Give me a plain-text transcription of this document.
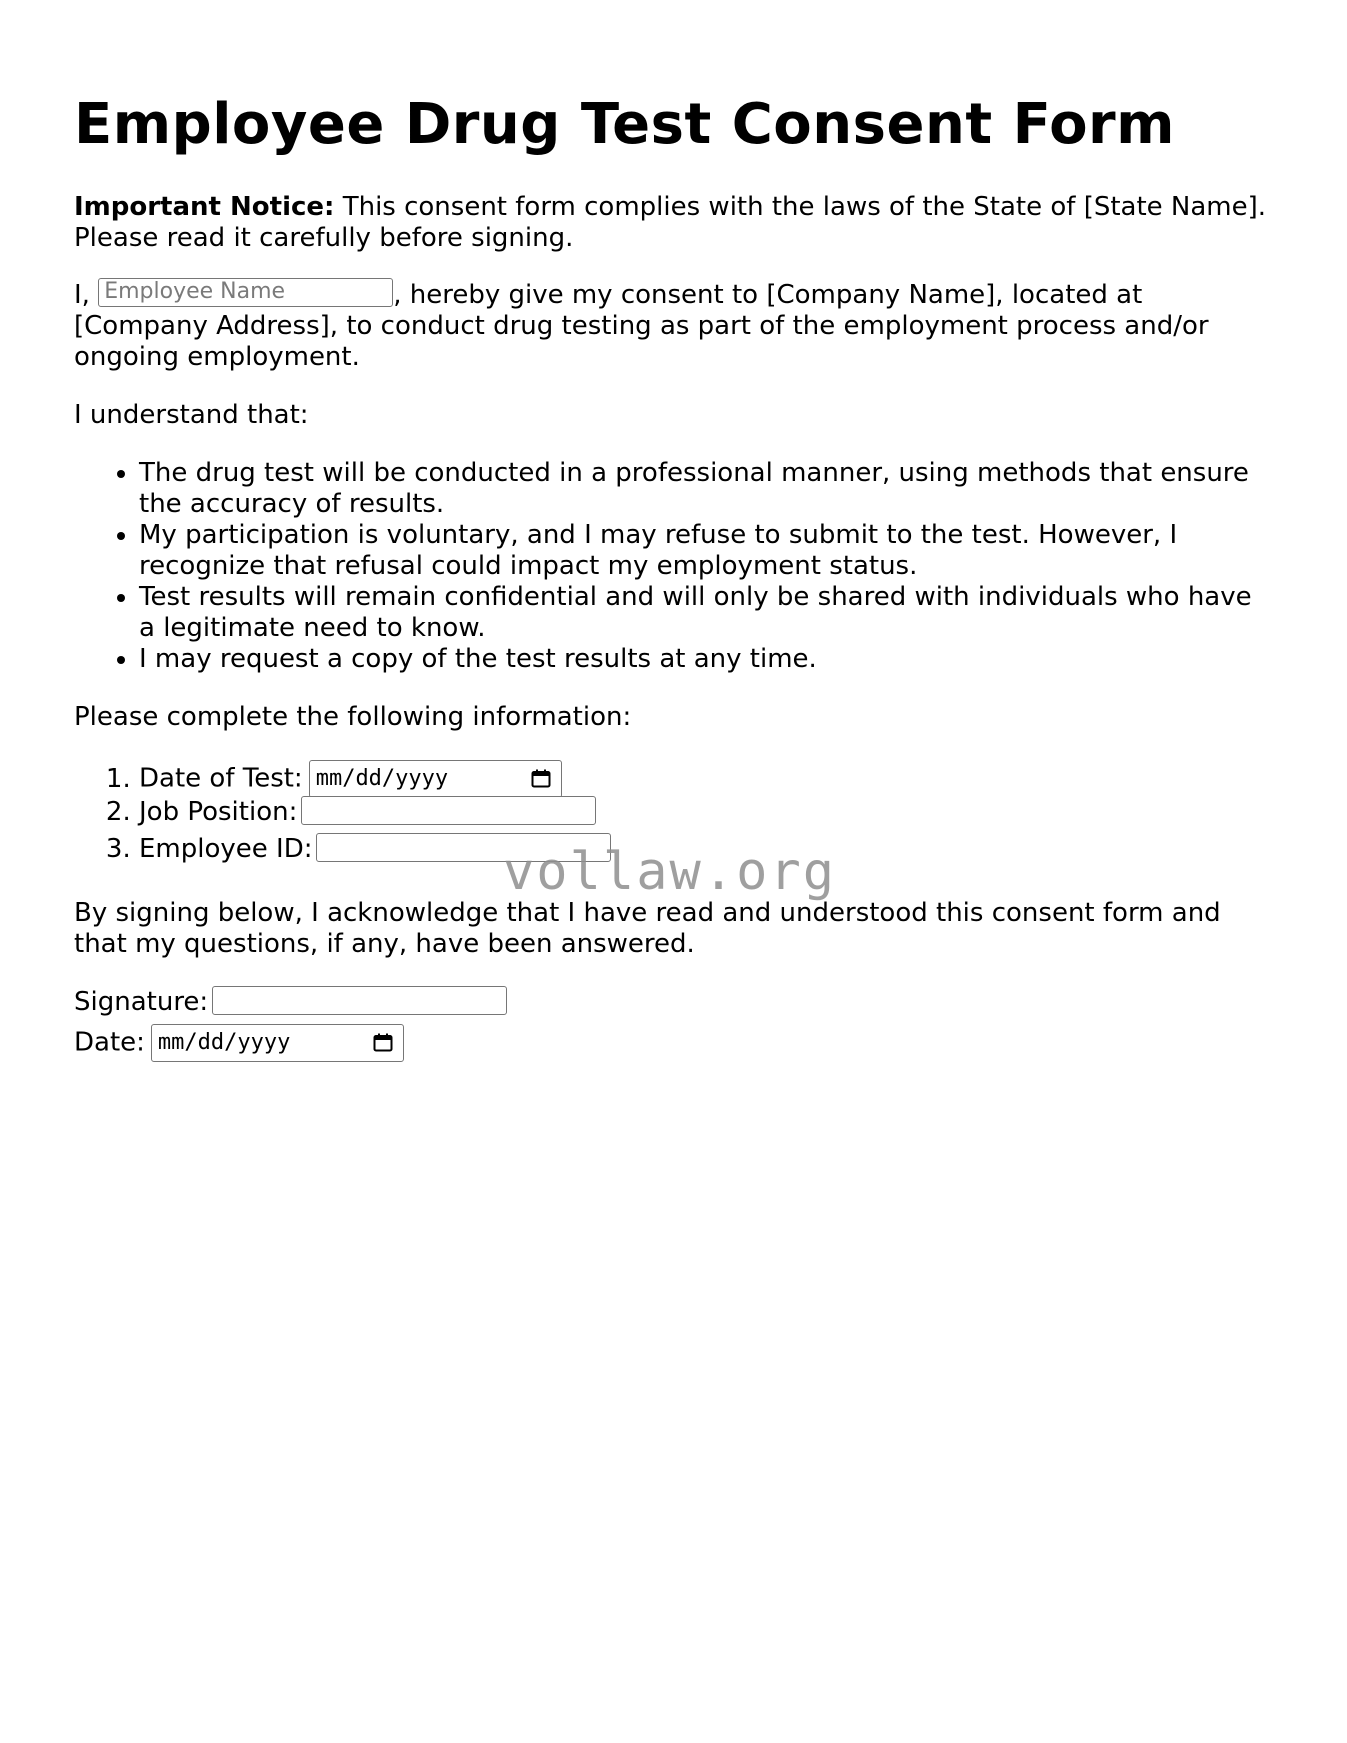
Employee Drug Test Consent Form

Important Notice: This consent form complies with the laws of the State of [State Name]. Please read it carefully before signing.

I, Employee Name	, hereby give my consent to [Company Name], located at [Company Address], to conduct drug testing as part of the employment process and/or ongoing employment.

I understand that:

• The drug test will be conducted in a professional manner, using methods that ensure the accuracy of results.
• My participation is voluntary, and I may refuse to submit to the test. However, I recognize that refusal could impact my employment status.
• Test results will remain confidential and will only be shared with individuals who have a legitimate need to know.
• I may request a copy of the test results at any time.

Please complete the following information:

1. Date of Test: mm/dd/yyyy
2. Job Position:
3. Employee ID:

By signing below, I acknowledge that I have read and understood this consent form and that my questions, if any, have been answered.

Signature:
Date: mm/dd/yyyy
vollaw.org
